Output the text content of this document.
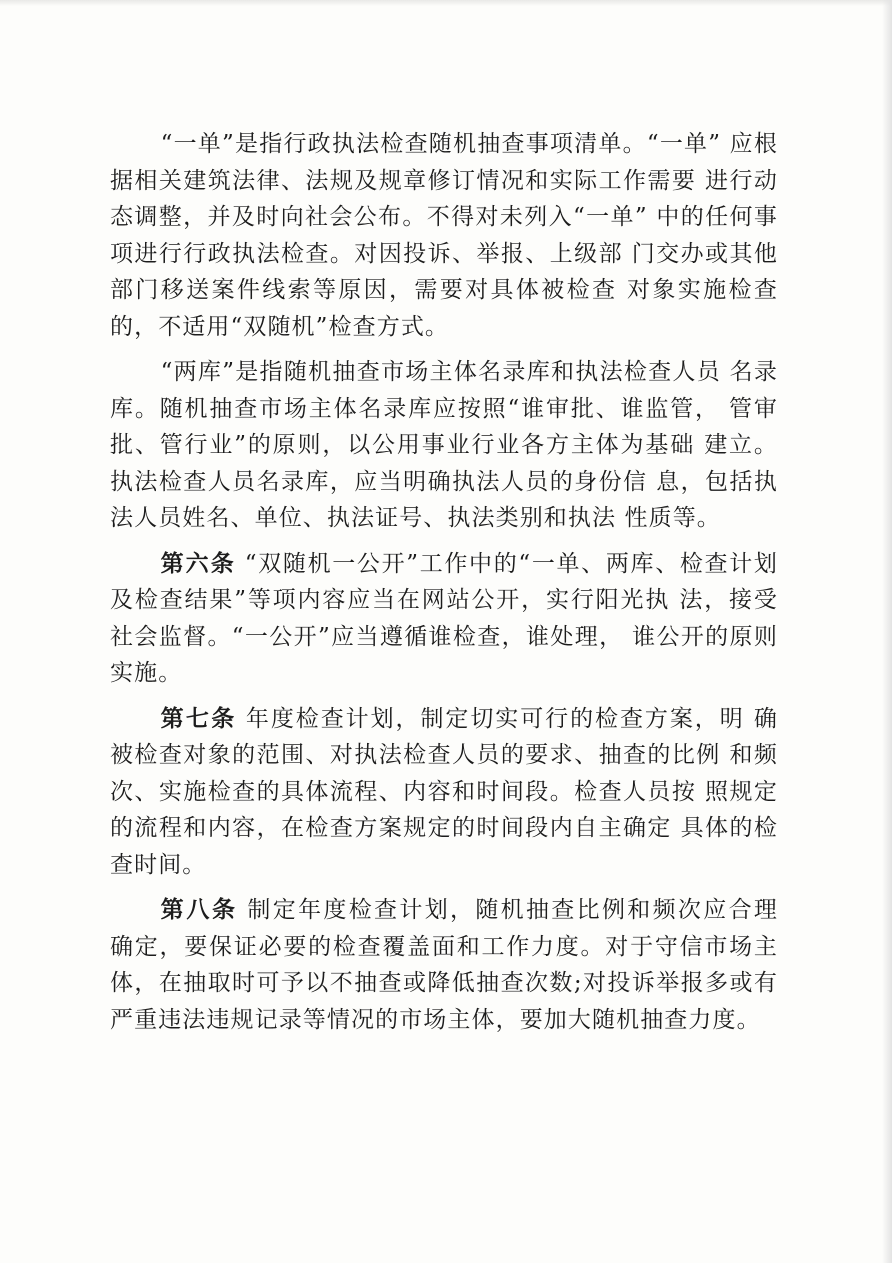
“一单”是指行政执法检查随机抽查事项清单。“一单” 应根据相关建筑法律、法规及规章修订情况和实际工作需要 进行动态调整，并及时向社会公布。不得对未列入“一单” 中的任何事项进行行政执法检查。对因投诉、举报、上级部 门交办或其他部门移送案件线索等原因，需要对具体被检查 对象实施检查的，不适用“双随机”检查方式。

“两库”是指随机抽查市场主体名录库和执法检查人员 名录库。随机抽查市场主体名录库应按照“谁审批、谁监管， 管审批、管行业”的原则，以公用事业行业各方主体为基础 建立。执法检查人员名录库，应当明确执法人员的身份信 息，包括执法人员姓名、单位、执法证号、执法类别和执法 性质等。

第六条 “双随机一公开”工作中的“一单、两库、检查计划及检查结果”等项内容应当在网站公开，实行阳光执 法，接受社会监督。“一公开”应当遵循谁检查，谁处理， 谁公开的原则实施。

第七条 年度检查计划，制定切实可行的检查方案，明 确被检查对象的范围、对执法检查人员的要求、抽查的比例 和频次、实施检查的具体流程、内容和时间段。检查人员按 照规定的流程和内容，在检查方案规定的时间段内自主确定 具体的检查时间。

第八条 制定年度检查计划，随机抽查比例和频次应合理 确定，要保证必要的检查覆盖面和工作力度。对于守信市场主体，在抽取时可予以不抽查或降低抽查次数;对投诉举报多或有严重违法违规记录等情况的市场主体，要加大随机抽查力度。
